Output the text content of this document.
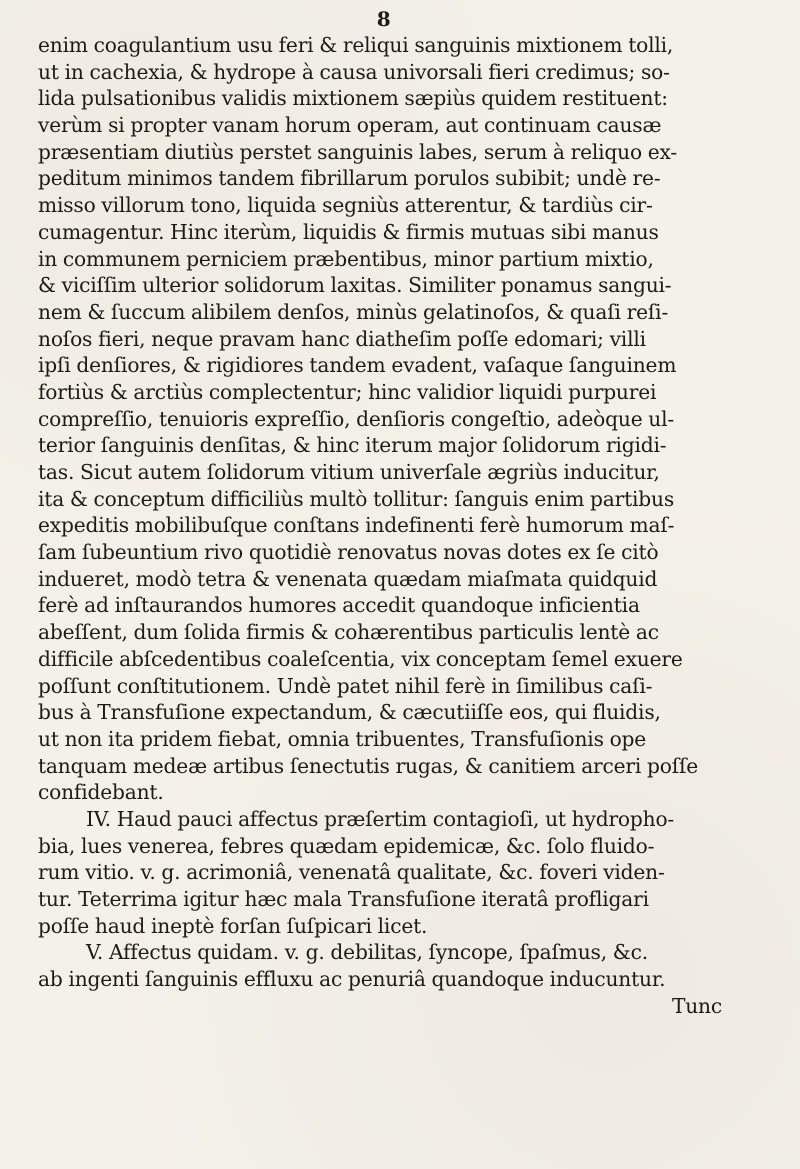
8
enim coagulantium usu feri & reliqui sanguinis mixtionem tolli,
ut in cachexia, & hydrope à causa univorsali fieri credimus; so-
lida pulsationibus validis mixtionem sæpiùs quidem restituent:
verùm si propter vanam horum operam, aut continuam causæ
præsentiam diutiùs perstet sanguinis labes, serum à reliquo ex-
peditum minimos tandem fibrillarum porulos subibit; undè re-
misso villorum tono, liquida segniùs atterentur, & tardiùs cir-
cumagentur. Hinc iterùm, liquidis & firmis mutuas sibi manus
in communem perniciem præbentibus, minor partium mixtio,
& viciſſim ulterior solidorum laxitas. Similiter ponamus sangui-
nem & ſuccum alibilem denſos, minùs gelatinoſos, & quaſi reſi-
noſos fieri, neque pravam hanc diatheſim poſſe edomari; villi
ipſi denſiores, & rigidiores tandem evadent, vaſaque ſanguinem
fortiùs & arctiùs complectentur; hinc validior liquidi purpurei
compreſſio, tenuioris expreſſio, denſioris congeſtio, adeòque ul-
terior ſanguinis denſitas, & hinc iterum major ſolidorum rigidi-
tas. Sicut autem ſolidorum vitium univerſale ægriùs inducitur,
ita & conceptum difficiliùs multò tollitur: ſanguis enim partibus
expeditis mobilibuſque conſtans indefinenti ferè humorum maſ-
ſam ſubeuntium rivo quotidiè renovatus novas dotes ex ſe citò
indueret, modò tetra & venenata quædam miaſmata quidquid
ferè ad inſtaurandos humores accedit quandoque inficientia
abeſſent, dum ſolida firmis & cohærentibus particulis lentè ac
difficile abſcedentibus coaleſcentia, vix conceptam ſemel exuere
poſſunt conſtitutionem. Undè patet nihil ferè in ſimilibus caſi-
bus à Transfuſione expectandum, & cæcutiiſſe eos, qui fluidis,
ut non ita pridem fiebat, omnia tribuentes, Transfuſionis ope
tanquam medeæ artibus ſenectutis rugas, & canitiem arceri poſſe
confidebant.
IV. Haud pauci affectus præſertim contagioſi, ut hydropho-
bia, lues venerea, febres quædam epidemicæ, &c. ſolo fluido-
rum vitio. v. g. acrimoniâ, venenatâ qualitate, &c. foveri viden-
tur. Teterrima igitur hæc mala Transfuſione iteratâ profligari
poſſe haud ineptè forſan ſuſpicari licet.
V. Affectus quidam. v. g. debilitas, ſyncope, ſpaſmus, &c.
ab ingenti ſanguinis effluxu ac penuriâ quandoque inducuntur.
Tunc
